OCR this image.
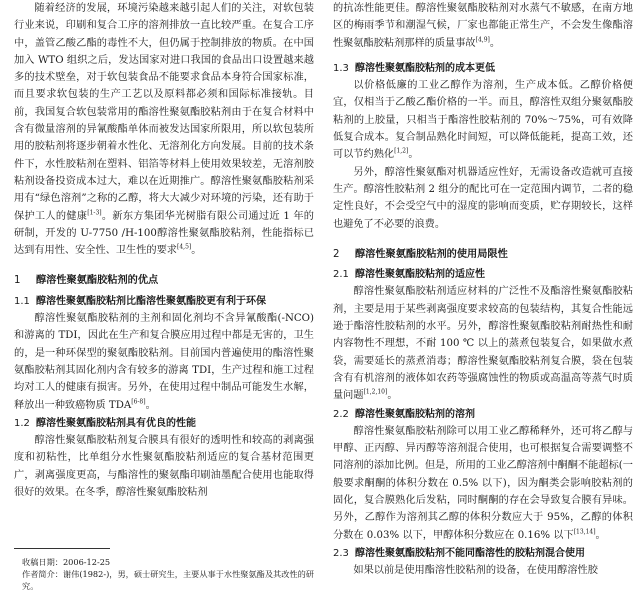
随着经济的发展，环境污染越来越引起人们的关注，对软包装行业来说，印刷和复合工序的溶剂排放一直比较严重。在复合工序中，盖管乙酸乙酯的毒性不大，但仍属于控制排放的物质。在中国加入 WTO 组织之后，发达国家对进口我国的食品出口设置越来越多的技术壁垒，对于软包装食品不能要求食品本身符合国家标准，而且要求软包装的生产工艺以及原料都必须和国际标准接轨。目前，我国复合软包装常用的酯溶性聚氨酯胶粘剂由于在复合材料中含有微量溶剂的异氰酸酯单体而被发达国家所限用，所以软包装所用的胶粘剂将逐步朝着水性化、无溶剂化方向发展。目前的技术条件下，水性胶粘剂在塑料、铝箔等材料上使用效果较差，无溶剂胶粘剂设备投资成本过大，难以在近期推广。醇溶性聚氨酯胶粘剂采用有“绿色溶剂”之称的乙醇，将大大减少对环境的污染，还有助于保护工人的健康[1-3]。新东方集团华光树脂有限公司通过近 1 年的研制，开发的 U-7750 /H-100醇溶性聚氨酯胶粘剂，性能指标已达到有用性、安全性、卫生性的要求[4,5]。

1 醇溶性聚氨酯胶粘剂的优点
1.1 醇溶性聚氨酯胶粘剂比酯溶性聚氨酯胶更有利于环保

醇溶性聚氨酯胶粘剂的主剂和固化剂均不含异氰酸酯(-NCO)和游离的 TDI，因此在生产和复合膜应用过程中都是无害的，卫生的，是一种环保型的聚氨酯胶粘剂。目前国内普遍使用的酯溶性聚氨酯胶粘剂其固化剂内含有较多的游离 TDI，生产过程和施工过程均对工人的健康有损害。另外，在使用过程中制品可能发生水解，释放出一种致癌物质 TDA[6-8]。

1.2 醇溶性聚氨酯胶粘剂具有优良的性能

醇溶性聚氨酯胶粘剂复合膜具有很好的透明性和较高的剥离强度和初粘性，比单组分水性聚氨酯胶粘剂适应的复合基材范围更广，剥离强度更高，与酯溶性的聚氨酯印刷油墨配合使用也能取得很好的效果。在冬季，醇溶性聚氨酯胶粘剂

收稿日期：2006-12-25
作者简介：谢伟(1982-)，男，硕士研究生，主要从事于水性聚氨酯及其改性的研究。

的抗冻性能更佳。醇溶性聚氨酯胶粘剂对水蒸气不敏感，在南方地区的梅雨季节和潮湿气候，厂家也都能正常生产，不会发生像酯溶性聚氨酯胶粘剂那样的质量事故[4,9]。

1.3 醇溶性聚氨酯胶粘剂的成本更低

以价格低廉的工业乙醇作为溶剂，生产成本低。乙醇价格便宜，仅相当于乙酸乙酯价格的一半。而且，醇溶性双组分聚氨酯胶粘剂的上胶量，只相当于酯溶性胶粘剂的 70%～75%，可有效降低复合成本。复合制品熟化时间短，可以降低能耗，提高工效，还可以节约熟化[1,2]。

另外，醇溶性聚氨酯对机器适应性好，无需设备改造就可直接生产。醇溶性胶粘剂 2 组分的配比可在一定范围内调节，二者的稳定性良好，不会受空气中的湿度的影响而变质，贮存期较长，这样也避免了不必要的浪费。

2 醇溶性聚氨酯胶粘剂的使用局限性
2.1 醇溶性聚氨酯胶粘剂的适应性

醇溶性聚氨酯胶粘剂适应材料的广泛性不及酯溶性聚氨酯胶粘剂，主要是用于某些剥离强度要求较高的包装结构，其复合性能远逊于酯溶性胶粘剂的水平。另外，醇溶性聚氨酯胶粘剂耐热性和耐内容物性不理想，不耐 100 ℃ 以上的蒸煮包装复合，如果做水煮袋，需要延长的蒸煮消毒；醇溶性聚氨酯胶粘剂复合膜，袋在包装含有有机溶剂的液体如农药等强腐蚀性的物质或高温高等蒸气时质量问题[1,2,10]。

2.2 醇溶性聚氨酯胶粘剂的溶剂

醇溶性聚氨酯胶粘剂除可以用工业乙醇稀释外，还可将乙醇与甲醇、正丙醇、异丙醇等溶剂混合使用，也可根据复合需要调整不同溶剂的添加比例。但是，所用的工业乙醇溶剂中酮酮不能超标(一般要求酮酮的体积分数在 0.5% 以下)，因为酮类会影响胶粘剂的固化，复合膜熟化后发粘，同时酮酮的存在会导致复合膜有异味。另外，乙醇作为溶剂其乙醇的体积分数应大于 95%，乙醇的体积分数在 0.03% 以下，甲醇体积分数应在 0.16% 以下[13,14]。

2.3 醇溶性聚氨酯胶粘剂不能同酯溶性的胶粘剂混合使用

如果以前是使用酯溶性胶粘剂的设备，在使用醇溶性胶
